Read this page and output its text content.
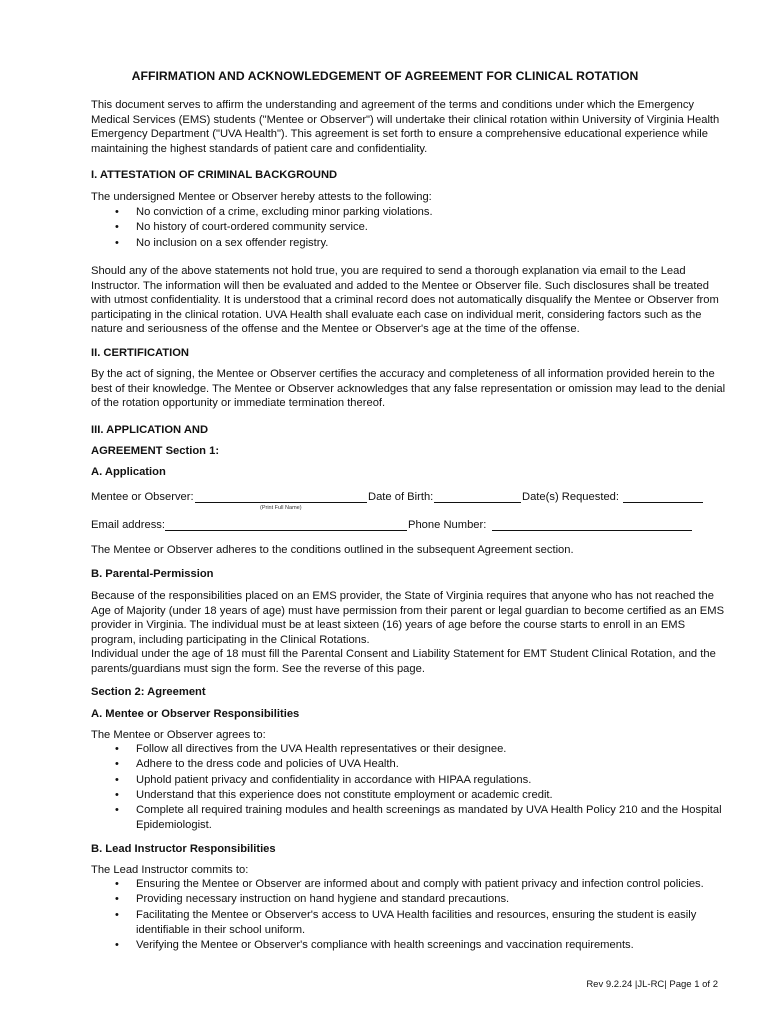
AFFIRMATION AND ACKNOWLEDGEMENT OF AGREEMENT FOR CLINICAL ROTATION

This document serves to affirm the understanding and agreement of the terms and conditions under which the Emergency Medical Services (EMS) students ("Mentee or Observer") will undertake their clinical rotation within University of Virginia Health Emergency Department ("UVA Health"). This agreement is set forth to ensure a comprehensive educational experience while maintaining the highest standards of patient care and confidentiality.

I. ATTESTATION OF CRIMINAL BACKGROUND

The undersigned Mentee or Observer hereby attests to the following:

• No conviction of a crime, excluding minor parking violations.
• No history of court-ordered community service.
• No inclusion on a sex offender registry.

Should any of the above statements not hold true, you are required to send a thorough explanation via email to the Lead Instructor. The information will then be evaluated and added to the Mentee or Observer file. Such disclosures shall be treated with utmost confidentiality. It is understood that a criminal record does not automatically disqualify the Mentee or Observer from participating in the clinical rotation. UVA Health shall evaluate each case on individual merit, considering factors such as the nature and seriousness of the offense and the Mentee or Observer's age at the time of the offense.

II. CERTIFICATION

By the act of signing, the Mentee or Observer certifies the accuracy and completeness of all information provided herein to the best of their knowledge. The Mentee or Observer acknowledges that any false representation or omission may lead to the denial of the rotation opportunity or immediate termination thereof.

III. APPLICATION AND
AGREEMENT Section 1:
A. Application
Mentee or Observer:
(Print Full Name)
Date of Birth:	Date(s) Requested:
Email address:	Phone Number:

The Mentee or Observer adheres to the conditions outlined in the subsequent Agreement section.

B. Parental-Permission

Because of the responsibilities placed on an EMS provider, the State of Virginia requires that anyone who has not reached the Age of Majority (under 18 years of age) must have permission from their parent or legal guardian to become certified as an EMS provider in Virginia. The individual must be at least sixteen (16) years of age before the course starts to enroll in an EMS program, including participating in the Clinical Rotations.

Individual under the age of 18 must fill the Parental Consent and Liability Statement for EMT Student Clinical Rotation, and the parents/guardians must sign the form. See the reverse of this page.

Section 2: Agreement
A. Mentee or Observer Responsibilities

The Mentee or Observer agrees to:

• Follow all directives from the UVA Health representatives or their designee.
• Adhere to the dress code and policies of UVA Health.
• Uphold patient privacy and confidentiality in accordance with HIPAA regulations.
• Understand that this experience does not constitute employment or academic credit.
• Complete all required training modules and health screenings as mandated by UVA Health Policy 210 and the Hospital Epidemiologist.
B. Lead Instructor Responsibilities

The Lead Instructor commits to:

• Ensuring the Mentee or Observer are informed about and comply with patient privacy and infection control policies.
• Providing necessary instruction on hand hygiene and standard precautions.
• Facilitating the Mentee or Observer's access to UVA Health facilities and resources, ensuring the student is easily identifiable in their school uniform.
• Verifying the Mentee or Observer's compliance with health screenings and vaccination requirements.
Rev 9.2.24 |JL-RC| Page 1 of 2
